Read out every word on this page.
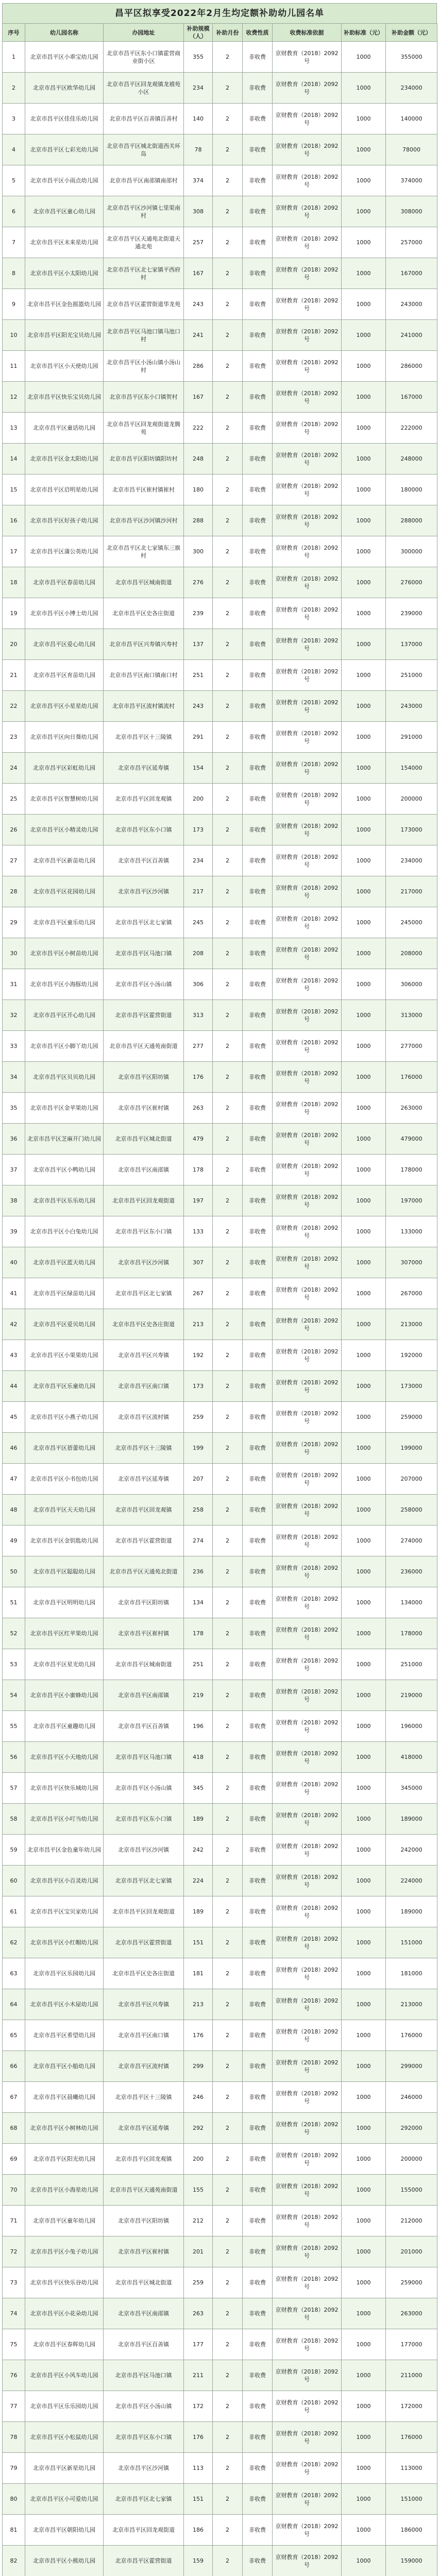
昌平区拟享受2022年2月生均定额补助幼儿园名单
序号	幼儿园名称	办园地址	补助规模（人）	补助月份	收费性质	收费标准依据	补助标准（元）	补助金额（元）
1	北京市昌平区小乖宝幼儿园	北京市昌平区东小口镇霍营商业街小区	355	2	非收费	京财教育（2018）2092号	1000	355000
2	北京市昌平区欧华幼儿园	北京市昌平区回龙观镇龙禧苑小区	234	2	非收费	京财教育（2018）2092号	1000	234000
3	北京市昌平区佳佳乐幼儿园	北京市昌平区百善镇百善村	140	2	非收费	京财教育（2018）2092号	1000	140000
4	北京市昌平区七彩光幼儿园	北京市昌平区城北街道西关环岛	78	2	非收费	京财教育（2018）2092号	1000	78000
5	北京市昌平区小雨点幼儿园	北京市昌平区南邵镇南邵村	374	2	非收费	京财教育（2018）2092号	1000	374000
6	北京市昌平区童心幼儿园	北京市昌平区沙河镇七里渠南村	308	2	非收费	京财教育（2018）2092号	1000	308000
7	北京市昌平区未来星幼儿园	北京市昌平区天通苑北街道天通北苑	257	2	非收费	京财教育（2018）2092号	1000	257000
8	北京市昌平区小太阳幼儿园	北京市昌平区北七家镇平西府村	167	2	非收费	京财教育（2018）2092号	1000	167000
9	北京市昌平区金色摇篮幼儿园	北京市昌平区霍营街道华龙苑	243	2	非收费	京财教育（2018）2092号	1000	243000
10	北京市昌平区阳光宝贝幼儿园	北京市昌平区马池口镇马池口村	241	2	非收费	京财教育（2018）2092号	1000	241000
11	北京市昌平区小天使幼儿园	北京市昌平区小汤山镇小汤山村	286	2	非收费	京财教育（2018）2092号	1000	286000
12	北京市昌平区快乐宝贝幼儿园	北京市昌平区东小口镇贺村	167	2	非收费	京财教育（2018）2092号	1000	167000
13	北京市昌平区童话幼儿园	北京市昌平区回龙观街道龙腾苑	222	2	非收费	京财教育（2018）2092号	1000	222000
14	北京市昌平区金太阳幼儿园	北京市昌平区阳坊镇阳坊村	248	2	非收费	京财教育（2018）2092号	1000	248000
15	北京市昌平区启明星幼儿园	北京市昌平区崔村镇崔村	180	2	非收费	京财教育（2018）2092号	1000	180000
16	北京市昌平区好孩子幼儿园	北京市昌平区沙河镇沙河村	288	2	非收费	京财教育（2018）2092号	1000	288000
17	北京市昌平区蒲公英幼儿园	北京市昌平区北七家镇东三旗村	300	2	非收费	京财教育（2018）2092号	1000	300000
18	北京市昌平区春苗幼儿园	北京市昌平区城南街道	276	2	非收费	京财教育（2018）2092号	1000	276000
19	北京市昌平区小博士幼儿园	北京市昌平区史各庄街道	239	2	非收费	京财教育（2018）2092号	1000	239000
20	北京市昌平区爱心幼儿园	北京市昌平区兴寿镇兴寿村	137	2	非收费	京财教育（2018）2092号	1000	137000
21	北京市昌平区育苗幼儿园	北京市昌平区南口镇南口村	251	2	非收费	京财教育（2018）2092号	1000	251000
22	北京市昌平区小星星幼儿园	北京市昌平区流村镇流村	243	2	非收费	京财教育（2018）2092号	1000	243000
23	北京市昌平区向日葵幼儿园	北京市昌平区十三陵镇	291	2	非收费	京财教育（2018）2092号	1000	291000
24	北京市昌平区彩虹幼儿园	北京市昌平区延寿镇	154	2	非收费	京财教育（2018）2092号	1000	154000
25	北京市昌平区智慧树幼儿园	北京市昌平区回龙观镇	200	2	非收费	京财教育（2018）2092号	1000	200000
26	北京市昌平区小精灵幼儿园	北京市昌平区东小口镇	173	2	非收费	京财教育（2018）2092号	1000	173000
27	北京市昌平区新苗幼儿园	北京市昌平区百善镇	234	2	非收费	京财教育（2018）2092号	1000	234000
28	北京市昌平区花园幼儿园	北京市昌平区沙河镇	217	2	非收费	京财教育（2018）2092号	1000	217000
29	北京市昌平区童乐幼儿园	北京市昌平区北七家镇	245	2	非收费	京财教育（2018）2092号	1000	245000
30	北京市昌平区小树苗幼儿园	北京市昌平区马池口镇	208	2	非收费	京财教育（2018）2092号	1000	208000
31	北京市昌平区小海豚幼儿园	北京市昌平区小汤山镇	306	2	非收费	京财教育（2018）2092号	1000	306000
32	北京市昌平区开心幼儿园	北京市昌平区霍营街道	313	2	非收费	京财教育（2018）2092号	1000	313000
33	北京市昌平区小脚丫幼儿园	北京市昌平区天通苑南街道	277	2	非收费	京财教育（2018）2092号	1000	277000
34	北京市昌平区贝贝幼儿园	北京市昌平区阳坊镇	176	2	非收费	京财教育（2018）2092号	1000	176000
35	北京市昌平区金苹果幼儿园	北京市昌平区崔村镇	263	2	非收费	京财教育（2018）2092号	1000	263000
36	北京市昌平区芝麻开门幼儿园	北京市昌平区城北街道	479	2	非收费	京财教育（2018）2092号	1000	479000
37	北京市昌平区小鸭幼儿园	北京市昌平区南邵镇	178	2	非收费	京财教育（2018）2092号	1000	178000
38	北京市昌平区乐乐幼儿园	北京市昌平区回龙观街道	197	2	非收费	京财教育（2018）2092号	1000	197000
39	北京市昌平区小白兔幼儿园	北京市昌平区东小口镇	133	2	非收费	京财教育（2018）2092号	1000	133000
40	北京市昌平区蓝天幼儿园	北京市昌平区沙河镇	307	2	非收费	京财教育（2018）2092号	1000	307000
41	北京市昌平区绿苗幼儿园	北京市昌平区北七家镇	267	2	非收费	京财教育（2018）2092号	1000	267000
42	北京市昌平区爱贝幼儿园	北京市昌平区史各庄街道	213	2	非收费	京财教育（2018）2092号	1000	213000
43	北京市昌平区小果果幼儿园	北京市昌平区兴寿镇	192	2	非收费	京财教育（2018）2092号	1000	192000
44	北京市昌平区乐童幼儿园	北京市昌平区南口镇	173	2	非收费	京财教育（2018）2092号	1000	173000
45	北京市昌平区小燕子幼儿园	北京市昌平区流村镇	259	2	非收费	京财教育（2018）2092号	1000	259000
46	北京市昌平区蓓蕾幼儿园	北京市昌平区十三陵镇	199	2	非收费	京财教育（2018）2092号	1000	199000
47	北京市昌平区小书包幼儿园	北京市昌平区延寿镇	207	2	非收费	京财教育（2018）2092号	1000	207000
48	北京市昌平区天天幼儿园	北京市昌平区回龙观镇	258	2	非收费	京财教育（2018）2092号	1000	258000
49	北京市昌平区金钥匙幼儿园	北京市昌平区霍营街道	274	2	非收费	京财教育（2018）2092号	1000	274000
50	北京市昌平区聪聪幼儿园	北京市昌平区天通苑北街道	236	2	非收费	京财教育（2018）2092号	1000	236000
51	北京市昌平区明明幼儿园	北京市昌平区阳坊镇	134	2	非收费	京财教育（2018）2092号	1000	134000
52	北京市昌平区红苹果幼儿园	北京市昌平区崔村镇	178	2	非收费	京财教育（2018）2092号	1000	178000
53	北京市昌平区星光幼儿园	北京市昌平区城南街道	251	2	非收费	京财教育（2018）2092号	1000	251000
54	北京市昌平区小蜜蜂幼儿园	北京市昌平区南邵镇	219	2	非收费	京财教育（2018）2092号	1000	219000
55	北京市昌平区童趣幼儿园	北京市昌平区百善镇	196	2	非收费	京财教育（2018）2092号	1000	196000
56	北京市昌平区小天地幼儿园	北京市昌平区马池口镇	418	2	非收费	京财教育（2018）2092号	1000	418000
57	北京市昌平区快乐城幼儿园	北京市昌平区小汤山镇	345	2	非收费	京财教育（2018）2092号	1000	345000
58	北京市昌平区小叮当幼儿园	北京市昌平区东小口镇	189	2	非收费	京财教育（2018）2092号	1000	189000
59	北京市昌平区金色童年幼儿园	北京市昌平区沙河镇	242	2	非收费	京财教育（2018）2092号	1000	242000
60	北京市昌平区小百灵幼儿园	北京市昌平区北七家镇	224	2	非收费	京财教育（2018）2092号	1000	224000
61	北京市昌平区宝贝家幼儿园	北京市昌平区回龙观街道	189	2	非收费	京财教育（2018）2092号	1000	189000
62	北京市昌平区小红帽幼儿园	北京市昌平区霍营街道	151	2	非收费	京财教育（2018）2092号	1000	151000
63	北京市昌平区乐园幼儿园	北京市昌平区史各庄街道	181	2	非收费	京财教育（2018）2092号	1000	181000
64	北京市昌平区小木屋幼儿园	北京市昌平区兴寿镇	213	2	非收费	京财教育（2018）2092号	1000	213000
65	北京市昌平区希望幼儿园	北京市昌平区南口镇	176	2	非收费	京财教育（2018）2092号	1000	176000
66	北京市昌平区小船幼儿园	北京市昌平区流村镇	299	2	非收费	京财教育（2018）2092号	1000	299000
67	北京市昌平区晨曦幼儿园	北京市昌平区十三陵镇	246	2	非收费	京财教育（2018）2092号	1000	246000
68	北京市昌平区小树林幼儿园	北京市昌平区延寿镇	292	2	非收费	京财教育（2018）2092号	1000	292000
69	北京市昌平区阳光幼儿园	北京市昌平区回龙观镇	200	2	非收费	京财教育（2018）2092号	1000	200000
70	北京市昌平区小海星幼儿园	北京市昌平区天通苑南街道	155	2	非收费	京财教育（2018）2092号	1000	155000
71	北京市昌平区童年幼儿园	北京市昌平区阳坊镇	212	2	非收费	京财教育（2018）2092号	1000	212000
72	北京市昌平区小兔子幼儿园	北京市昌平区崔村镇	201	2	非收费	京财教育（2018）2092号	1000	201000
73	北京市昌平区快乐谷幼儿园	北京市昌平区城北街道	259	2	非收费	京财教育（2018）2092号	1000	259000
74	北京市昌平区小花朵幼儿园	北京市昌平区南邵镇	263	2	非收费	京财教育（2018）2092号	1000	263000
75	北京市昌平区春晖幼儿园	北京市昌平区百善镇	177	2	非收费	京财教育（2018）2092号	1000	177000
76	北京市昌平区小风车幼儿园	北京市昌平区马池口镇	211	2	非收费	京财教育（2018）2092号	1000	211000
77	北京市昌平区乐乐园幼儿园	北京市昌平区小汤山镇	172	2	非收费	京财教育（2018）2092号	1000	172000
78	北京市昌平区小松鼠幼儿园	北京市昌平区东小口镇	176	2	非收费	京财教育（2018）2092号	1000	176000
79	北京市昌平区新星幼儿园	北京市昌平区沙河镇	113	2	非收费	京财教育（2018）2092号	1000	113000
80	北京市昌平区小可爱幼儿园	北京市昌平区北七家镇	151	2	非收费	京财教育（2018）2092号	1000	151000
81	北京市昌平区朝阳幼儿园	北京市昌平区回龙观街道	186	2	非收费	京财教育（2018）2092号	1000	186000
82	北京市昌平区小熊幼儿园	北京市昌平区霍营街道	159	2	非收费	京财教育（2018）2092号	1000	159000
